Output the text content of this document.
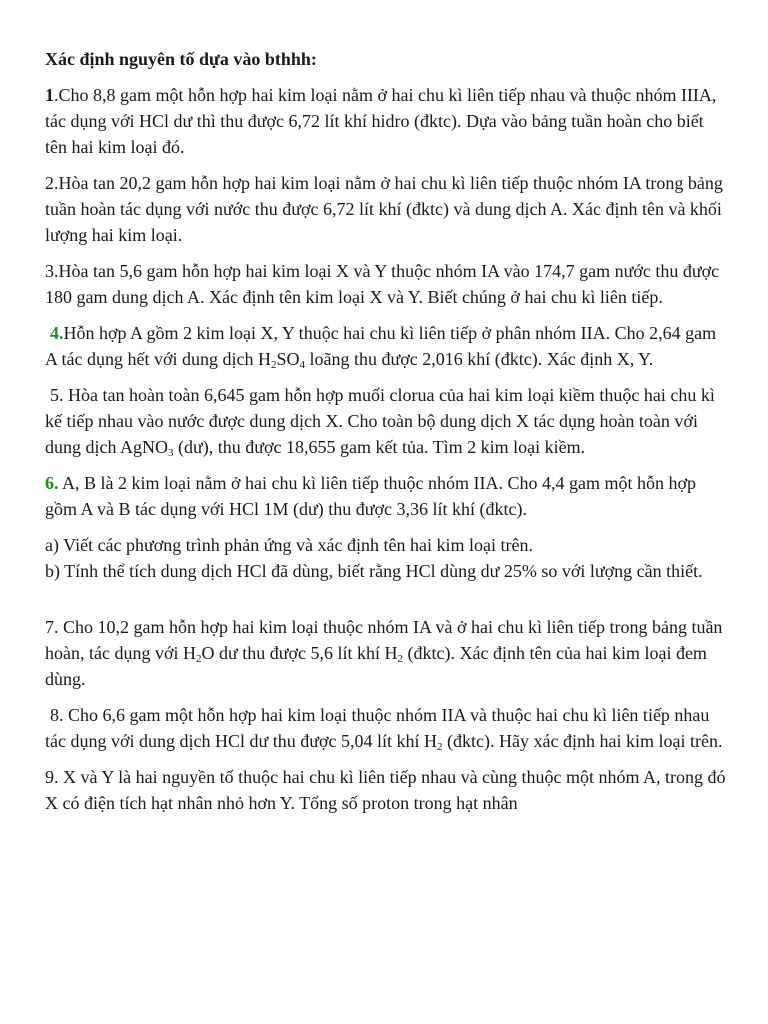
Xác định nguyên tố dựa vào bthhh:

1.Cho 8,8 gam một hỗn hợp hai kim loại nằm ở hai chu kì liên tiếp nhau và thuộc nhóm IIIA, tác dụng với HCl dư thì thu được 6,72 lít khí hidro (đktc). Dựa vào bảng tuần hoàn cho biết tên hai kim loại đó.

2.Hòa tan 20,2 gam hỗn hợp hai kim loại nằm ở hai chu kì liên tiếp thuộc nhóm IA trong bảng tuần hoàn tác dụng với nước thu được 6,72 lít khí (đktc) và dung dịch A. Xác định tên và khối lượng hai kim loại.

3.Hòa tan 5,6 gam hỗn hợp hai kim loại X và Y thuộc nhóm IA vào 174,7 gam nước thu được 180 gam dung dịch A. Xác định tên kim loại X và Y. Biết chúng ở hai chu kì liên tiếp.

4.Hỗn hợp A gồm 2 kim loại X, Y thuộc hai chu kì liên tiếp ở phân nhóm IIA. Cho 2,64 gam A tác dụng hết với dung dịch $H_2SO_4$ loãng thu được 2,016 khí (đktc). Xác định X, Y.

5. Hòa tan hoàn toàn 6,645 gam hỗn hợp muối clorua của hai kim loại kiềm thuộc hai chu kì kế tiếp nhau vào nước được dung dịch X. Cho toàn bộ dung dịch X tác dụng hoàn toàn với dung dịch AgNO$_3$ (dư), thu được 18,655 gam kết tủa. Tìm 2 kim loại kiềm.

6. A, B là 2 kim loại nằm ở hai chu kì liên tiếp thuộc nhóm IIA. Cho 4,4 gam một hỗn hợp gồm A và B tác dụng với HCl 1M (dư) thu được 3,36 lít khí (đktc).

a) Viết các phương trình phản ứng và xác định tên hai kim loại trên.

b) Tính thể tích dung dịch HCl đã dùng, biết rằng HCl dùng dư 25% so với lượng cần thiết.

7. Cho 10,2 gam hỗn hợp hai kim loại thuộc nhóm IA và ở hai chu kì liên tiếp trong bảng tuần hoàn, tác dụng với $H_2O$ dư thu được 5,6 lít khí $H_2$ (đktc). Xác định tên của hai kim loại đem dùng.

8. Cho 6,6 gam một hỗn hợp hai kim loại thuộc nhóm IIA và thuộc hai chu kì liên tiếp nhau tác dụng với dung dịch HCl dư thu được 5,04 lít khí $H_2$ (đktc). Hãy xác định hai kim loại trên.

9. X và Y là hai nguyền tố thuộc hai chu kì liên tiếp nhau và cùng thuộc một nhóm A, trong đó X có điện tích hạt nhân nhỏ hơn Y. Tổng số proton trong hạt nhân
